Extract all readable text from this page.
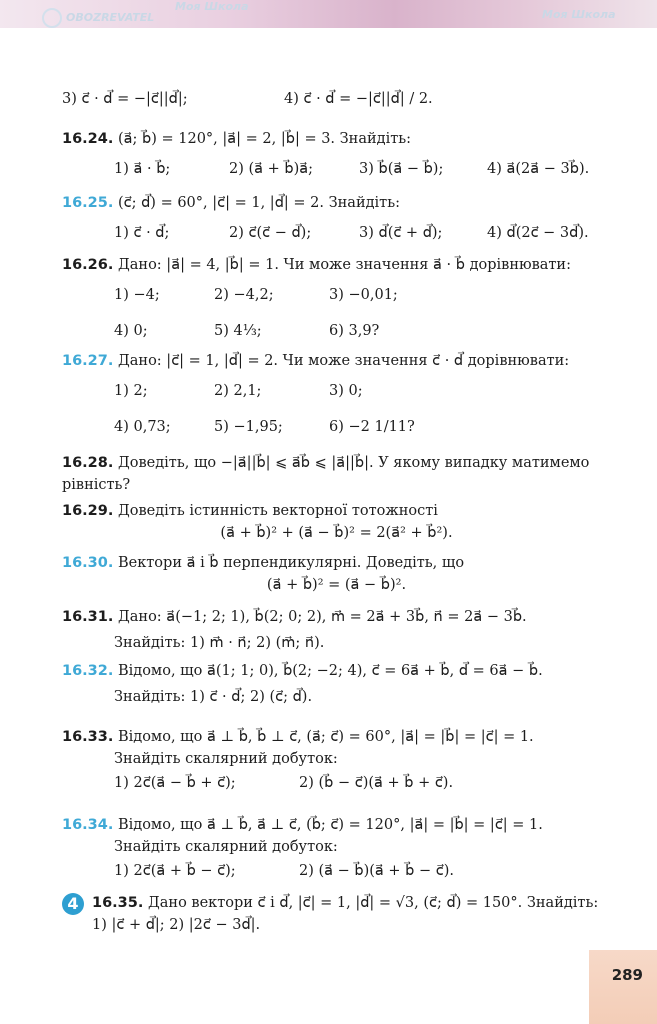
289
OBOZREVATEL
Моя Школа
Моя Школа
3) c⃗ · d⃗ = −|c⃗||d⃗|;	4) c⃗ · d⃗ = −|c⃗||d⃗| / 2.
16.24. (a⃗; b⃗) = 120°, |a⃗| = 2, |b⃗| = 3. Знайдіть:
1) a⃗ · b⃗;	2) (a⃗ + b⃗)a⃗;	3) b⃗(a⃗ − b⃗);	4) a⃗(2a⃗ − 3b⃗).
16.25. (c⃗; d⃗) = 60°, |c⃗| = 1, |d⃗| = 2. Знайдіть:
1) c⃗ · d⃗;	2) c⃗(c⃗ − d⃗);	3) d⃗(c⃗ + d⃗);	4) d⃗(2c⃗ − 3d⃗).
16.26. Дано: |a⃗| = 4, |b⃗| = 1. Чи може значення a⃗ · b⃗ дорівнювати:
1) −4;	2) −4,2;	3) −0,01;
4) 0;	5) 4⅓;	6) 3,9?
16.27. Дано: |c⃗| = 1, |d⃗| = 2. Чи може значення c⃗ · d⃗ дорівнювати:
1) 2;	2) 2,1;	3) 0;
4) 0,73;	5) −1,95;	6) −2 1/11?
16.28. Доведіть, що −|a⃗||b⃗| ⩽ a⃗b⃗ ⩽ |a⃗||b⃗|. У якому випадку матимемо рівність?
16.29. Доведіть істинність векторної тотожності
(a⃗ + b⃗)² + (a⃗ − b⃗)² = 2(a⃗² + b⃗²).
16.30. Вектори a⃗ і b⃗ перпендикулярні. Доведіть, що
(a⃗ + b⃗)² = (a⃗ − b⃗)².
16.31. Дано: a⃗(−1; 2; 1), b⃗(2; 0; 2), m⃗ = 2a⃗ + 3b⃗, n⃗ = 2a⃗ − 3b⃗.
Знайдіть: 1) m⃗ · n⃗; 2) (m⃗; n⃗).
16.32. Відомо, що a⃗(1; 1; 0), b⃗(2; −2; 4), c⃗ = 6a⃗ + b⃗, d⃗ = 6a⃗ − b⃗.
Знайдіть: 1) c⃗ · d⃗; 2) (c⃗; d⃗).
16.33. Відомо, що a⃗ ⊥ b⃗, b⃗ ⊥ c⃗, (a⃗; c⃗) = 60°, |a⃗| = |b⃗| = |c⃗| = 1.
Знайдіть скалярний добуток:
1) 2c⃗(a⃗ − b⃗ + c⃗);	2) (b⃗ − c⃗)(a⃗ + b⃗ + c⃗).
16.34. Відомо, що a⃗ ⊥ b⃗, a⃗ ⊥ c⃗, (b⃗; c⃗) = 120°, |a⃗| = |b⃗| = |c⃗| = 1.
Знайдіть скалярний добуток:
1) 2c⃗(a⃗ + b⃗ − c⃗);	2) (a⃗ − b⃗)(a⃗ + b⃗ − c⃗).
4 16.35. Дано вектори c⃗ і d⃗, |c⃗| = 1, |d⃗| = √3, (c⃗; d⃗) = 150°. Знайдіть: 1) |c⃗ + d⃗|; 2) |2c⃗ − 3d⃗|.
